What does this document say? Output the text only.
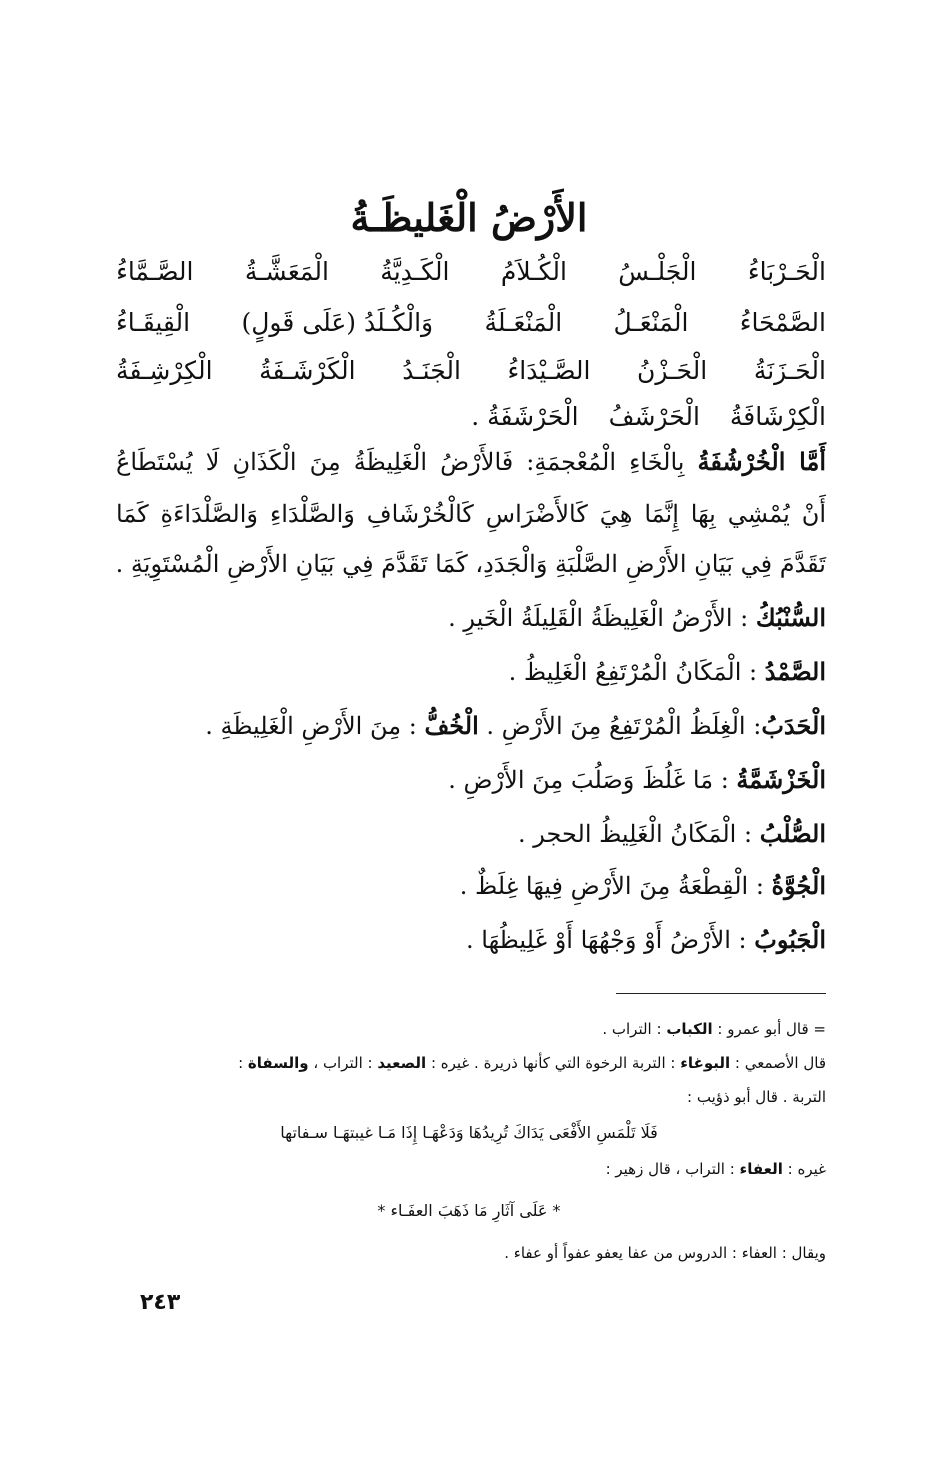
الأَرْضُ الْغَليظَـةُ
الْحَـرْبَاءُ
الْجَلْـسُ
الْكُـلاَمُ
الْكَـدِيَّةُ
الْمَعَشَّـةُ
الصَّـمَّاءُ
الصَّمْحَاءُ
الْمَنْعَـلُ
الْمَنْعَـلَةُ
وَالْكُـلَدُ (عَلَى قَولٍ)
الْقِيقَـاءُ
الْحَـزَنَةُ
الْحَـزْنُ
الصَّـيْدَاءُ
الْجَنَـدُ
الْكَرْشَـفَةُ
الْكِرْشِـفَةُ
الْكِرْشَافَةُ
الْحَرْشَفُ
الْحَرْشَفَةُ .
أَمَّا الْخُرْشُفَةُ بِالْخَاءِ الْمُعْجمَةِ: فَالأَرْضُ الْغَلِيظَةُ مِنَ الْكَذَانِ لَا يُسْتَطَاعُ
أَنْ يُمْشِي بِهَا إِنَّمَا هِيَ كَالأَضْرَاسِ كَالْخُرْشَافِ وَالصَّلْدَاءِ وَالصَّلْدَاءَةِ كَمَا
تَقَدَّمَ فِي بَيَانِ الأَرْضِ الصَّلْبَةِ وَالْجَدَدِ، كَمَا تَقَدَّمَ فِي بَيَانِ الأَرْضِ الْمُسْتَوِيَةِ .
السُّنْبُكُ : الأَرْضُ الْغَلِيظَةُ الْقَلِيلَةُ الْخَيرِ .
الصَّمْدُ : الْمَكَانُ الْمُرْتَفِعُ الْغَلِيظُ .
الْحَدَبُ: الْغِلَظُ الْمُرْتَفِعُ مِنَ الأَرْضِ . الْخُفُّ : مِنَ الأَرْضِ الْغَلِيظَةِ .
الْخَزْشَمَّةُ : مَا غَلُظَ وَصَلُبَ مِنَ الأَرْضِ .
الصُّلْبُ : الْمَكَانُ الْغَلِيظُ الحجر .
الْجُوَّةُ : الْقِطْعَةُ مِنَ الأَرْضِ فِيهَا غِلَظٌ .
الْجَبُوبُ : الأَرْضُ أَوْ وَجْهُهَا أَوْ غَلِيظُهَا .
= قال أبو عمرو : الكباب : التراب .
قال الأصمعي : البوغاء : التربة الرخوة التي كأنها ذريرة . غيره : الصعيد : التراب ، والسفاة :
التربة . قال أبو ذؤيب :
فَلَا تَلْمَسِ الأَفْعَى يَدَاكَ تُرِيدُهَا وَدَعْهَـا إِذَا مَـا غيبتهَـا سـفاتها
غيره : العفاء : التراب ، قال زهير :
* عَلَى آثَارِ مَا ذَهَبَ العفَـاء *
ويقال : العفاء : الدروس من عفا يعفو عفواً أو عفاء .
٢٤٣
